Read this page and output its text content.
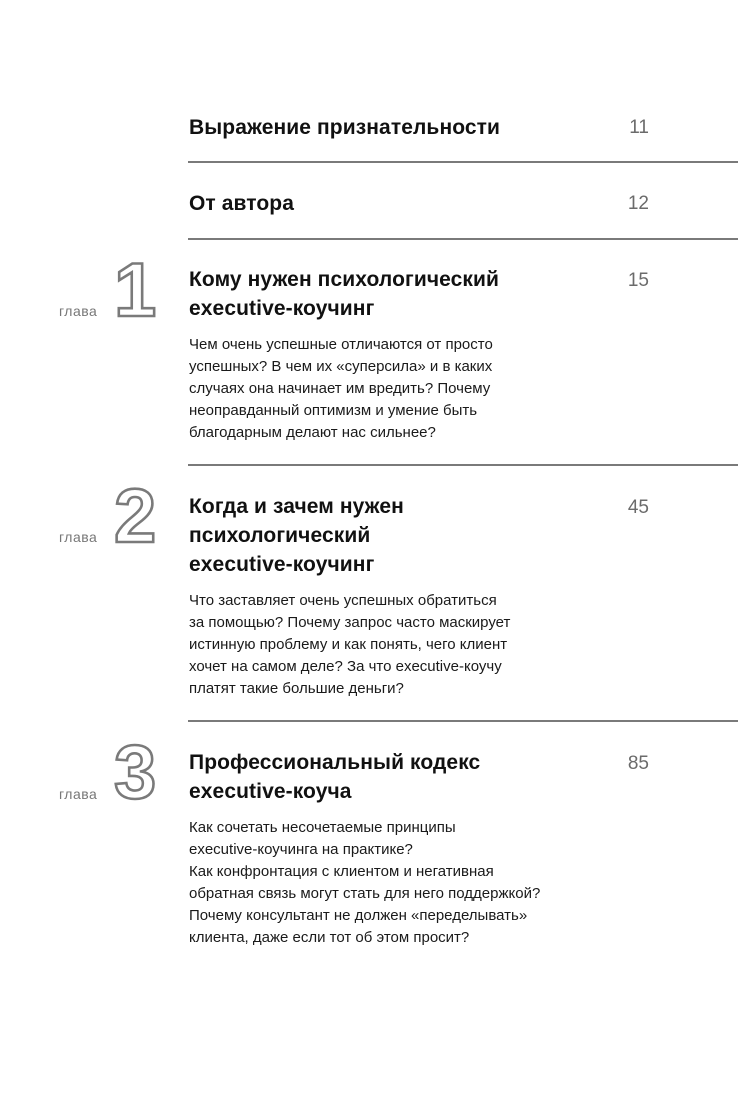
Выражение признательности	11
От автора	12
глава 1 Кому нужен психологический
executive-коучинг
15
Чем очень успешные отличаются от просто
успешных? В чем их «суперсила» и в каких
случаях она начинает им вредить? Почему
неоправданный оптимизм и умение быть
благодарным делают нас сильнее?
глава 2 Когда и зачем нужен
психологический
executive-коучинг
45
Что заставляет очень успешных обратиться
за помощью? Почему запрос часто маскирует
истинную проблему и как понять, чего клиент
хочет на самом деле? За что executive-коучу
платят такие большие деньги?
глава 3 Профессиональный кодекс
executive-коуча
85
Как сочетать несочетаемые принципы
executive-коучинга на практике?
Как конфронтация с клиентом и негативная
обратная связь могут стать для него поддержкой?
Почему консультант не должен «переделывать»
клиента, даже если тот об этом просит?
